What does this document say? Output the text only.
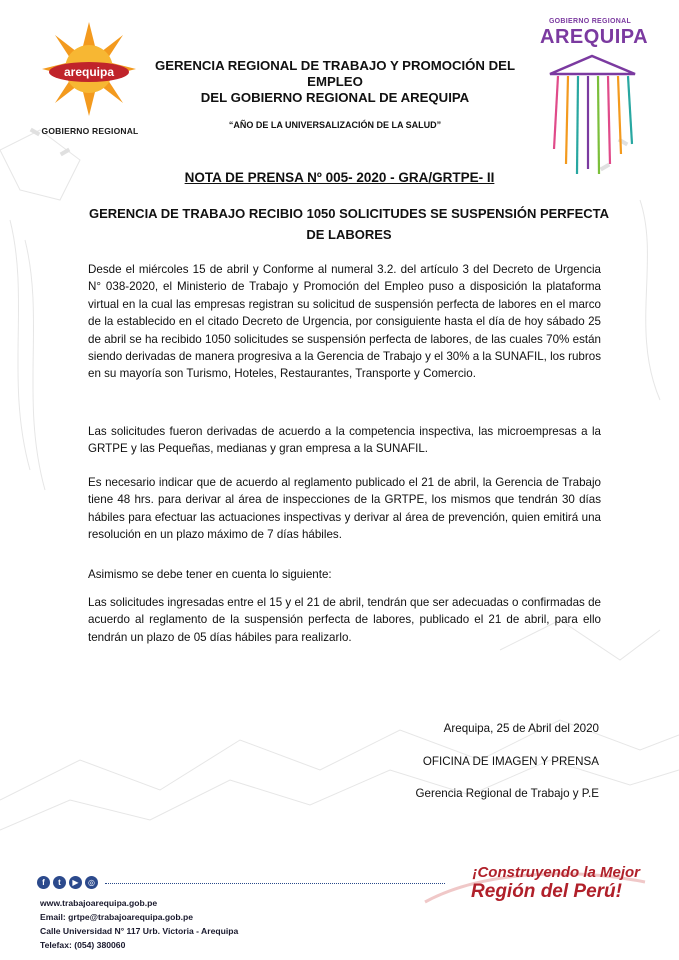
arequipa
GOBIERNO REGIONAL
GERENCIA REGIONAL DE TRABAJO Y PROMOCIÓN DEL EMPLEO
DEL GOBIERNO REGIONAL DE AREQUIPA
“AÑO DE LA UNIVERSALIZACIÓN DE LA SALUD”
GOBIERNO REGIONAL
AREQUIPA
NOTA DE PRENSA Nº 005- 2020 - GRA/GRTPE- II
GERENCIA DE TRABAJO RECIBIO 1050 SOLICITUDES SE SUSPENSIÓN PERFECTA DE LABORES
Desde el miércoles 15 de abril y Conforme al numeral 3.2. del artículo 3 del Decreto de Urgencia N° 038-2020, el Ministerio de Trabajo y Promoción del Empleo puso a disposición la plataforma virtual en la cual las empresas registran su solicitud de suspensión perfecta de labores en el marco de la establecido en el citado Decreto de Urgencia, por consiguiente hasta el día de hoy sábado 25 de abril se ha recibido 1050 solicitudes se suspensión perfecta de labores, de las cuales 70% están siendo derivadas de manera progresiva a la Gerencia de Trabajo y el 30% a la SUNAFIL, los rubros en su mayoría son Turismo, Hoteles, Restaurantes, Transporte y Comercio.
Las solicitudes fueron derivadas de acuerdo a la competencia inspectiva, las microempresas a la GRTPE y las Pequeñas, medianas y gran empresa a la SUNAFIL.
Es necesario indicar que de acuerdo al reglamento publicado el 21 de abril, la Gerencia de Trabajo tiene 48 hrs. para derivar al área de inspecciones de la GRTPE, los mismos que tendrán 30 días hábiles para efectuar las actuaciones inspectivas y derivar al área de prevención, quien emitirá una resolución en un plazo máximo de 7 días hábiles.
Asimismo se debe tener en cuenta lo siguiente:
Las solicitudes ingresadas entre el 15 y el 21 de abril, tendrán que ser adecuadas o confirmadas de acuerdo al reglamento de la suspensión perfecta de labores, publicado el 21 de abril, para ello tendrán un plazo de 05 días hábiles para realizarlo.
Arequipa, 25 de Abril del 2020
OFICINA DE IMAGEN Y PRENSA
Gerencia Regional de Trabajo y P.E
f	t	▶	◎
www.trabajoarequipa.gob.pe
Email: grtpe@trabajoarequipa.gob.pe
Calle Universidad N° 117 Urb. Victoria - Arequipa
Telefax: (054) 380060
¡Construyendo la Mejor
Región del Perú!
